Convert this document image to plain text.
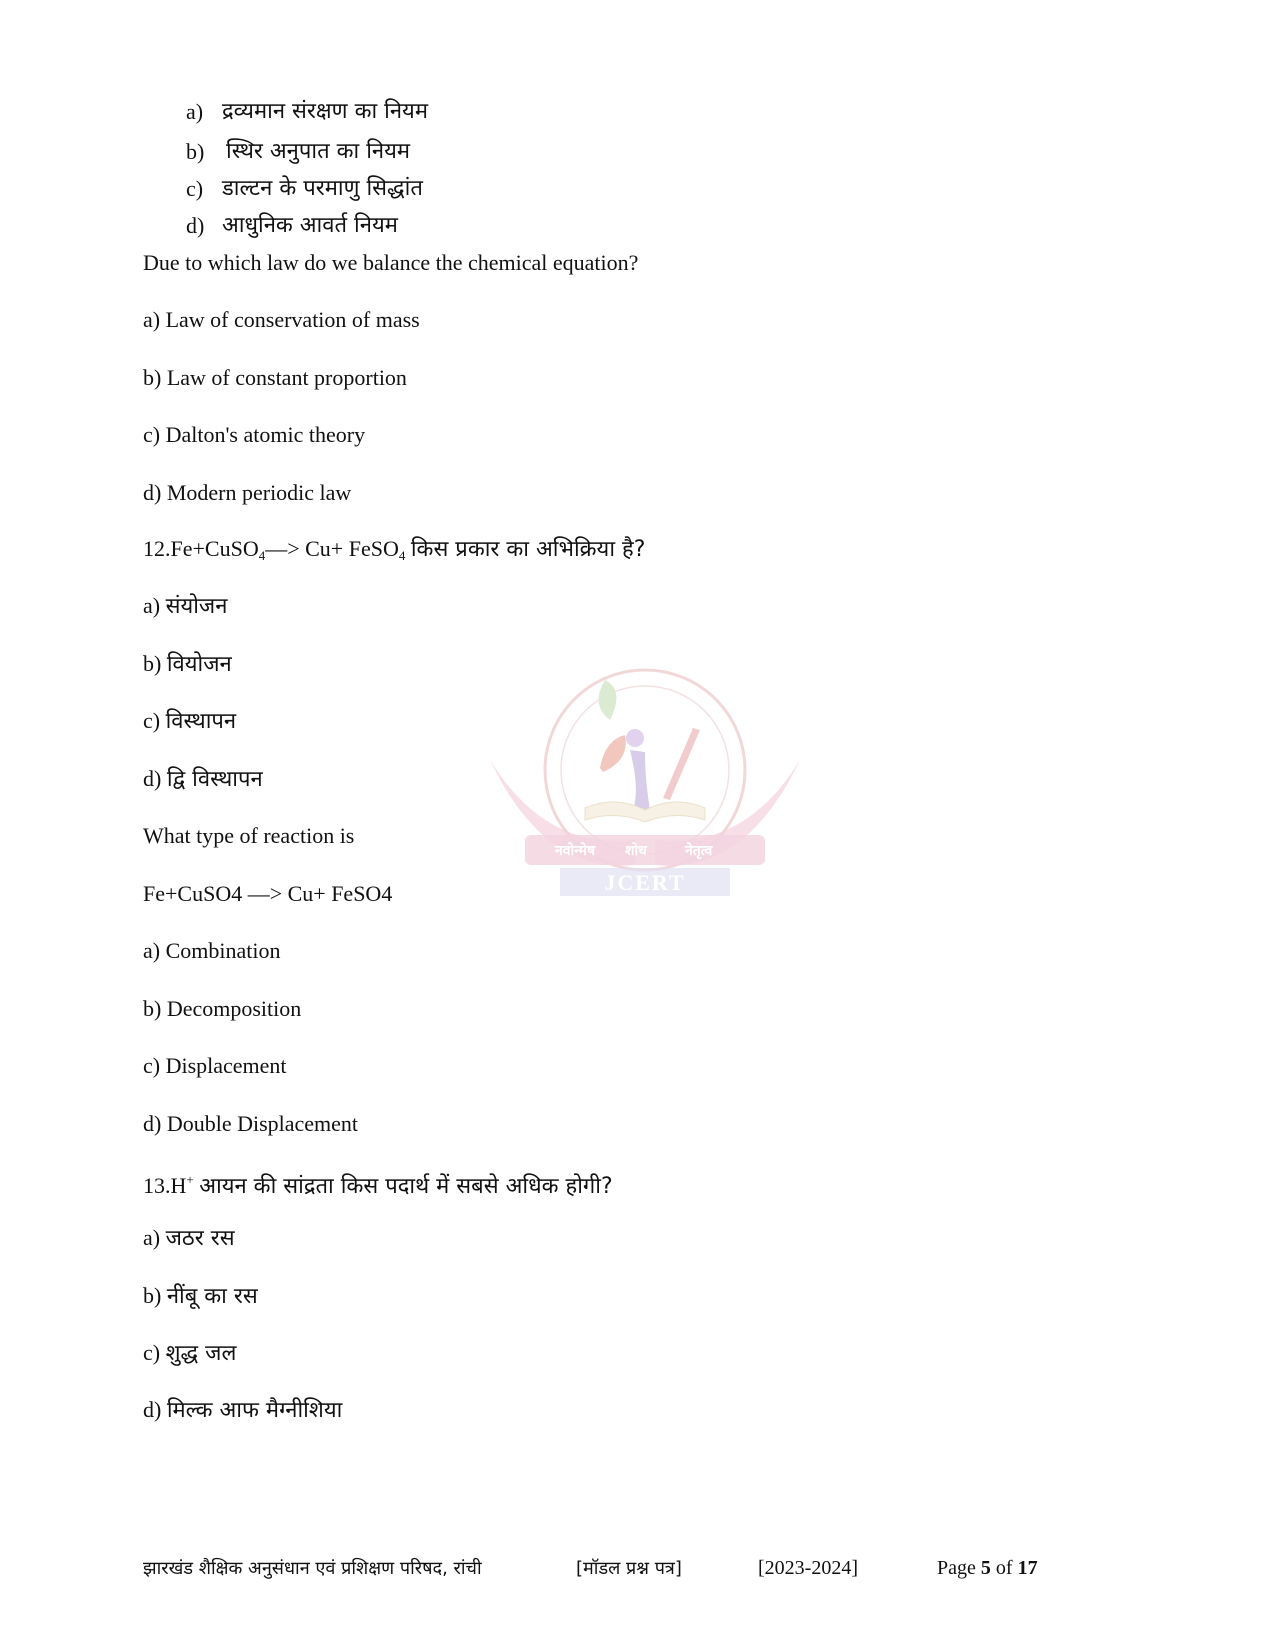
a) द्रव्यमान संरक्षण का नियम
b) स्थिर अनुपात का नियम
c) डाल्टन के परमाणु सिद्धांत
d) आधुनिक आवर्त नियम
Due to which law do we balance the chemical equation?
a) Law of conservation of mass
b) Law of constant proportion
c) Dalton's atomic theory
d) Modern periodic law
12.Fe+CuSO$_4$—> Cu+ FeSO$_4$ किस प्रकार का अभिक्रिया है?
a) संयोजन
b) वियोजन
c) विस्थापन
d) द्वि विस्थापन
What type of reaction is
Fe+CuSO4 —> Cu+ FeSO4
a) Combination
b) Decomposition
c) Displacement
d) Double Displacement
13.H+ आयन की सांद्रता किस पदार्थ में सबसे अधिक होगी?
a) जठर रस
b) नींबू का रस
c) शुद्ध जल
d) मिल्क आफ मैग्नीशिया
नवोन्मेष शोध	नेतृत्व
JCERT
झारखंड शैक्षिक अनुसंधान एवं प्रशिक्षण परिषद, रांची	[मॉडल प्रश्न पत्र]	[2023-2024]	Page 5 of 17
